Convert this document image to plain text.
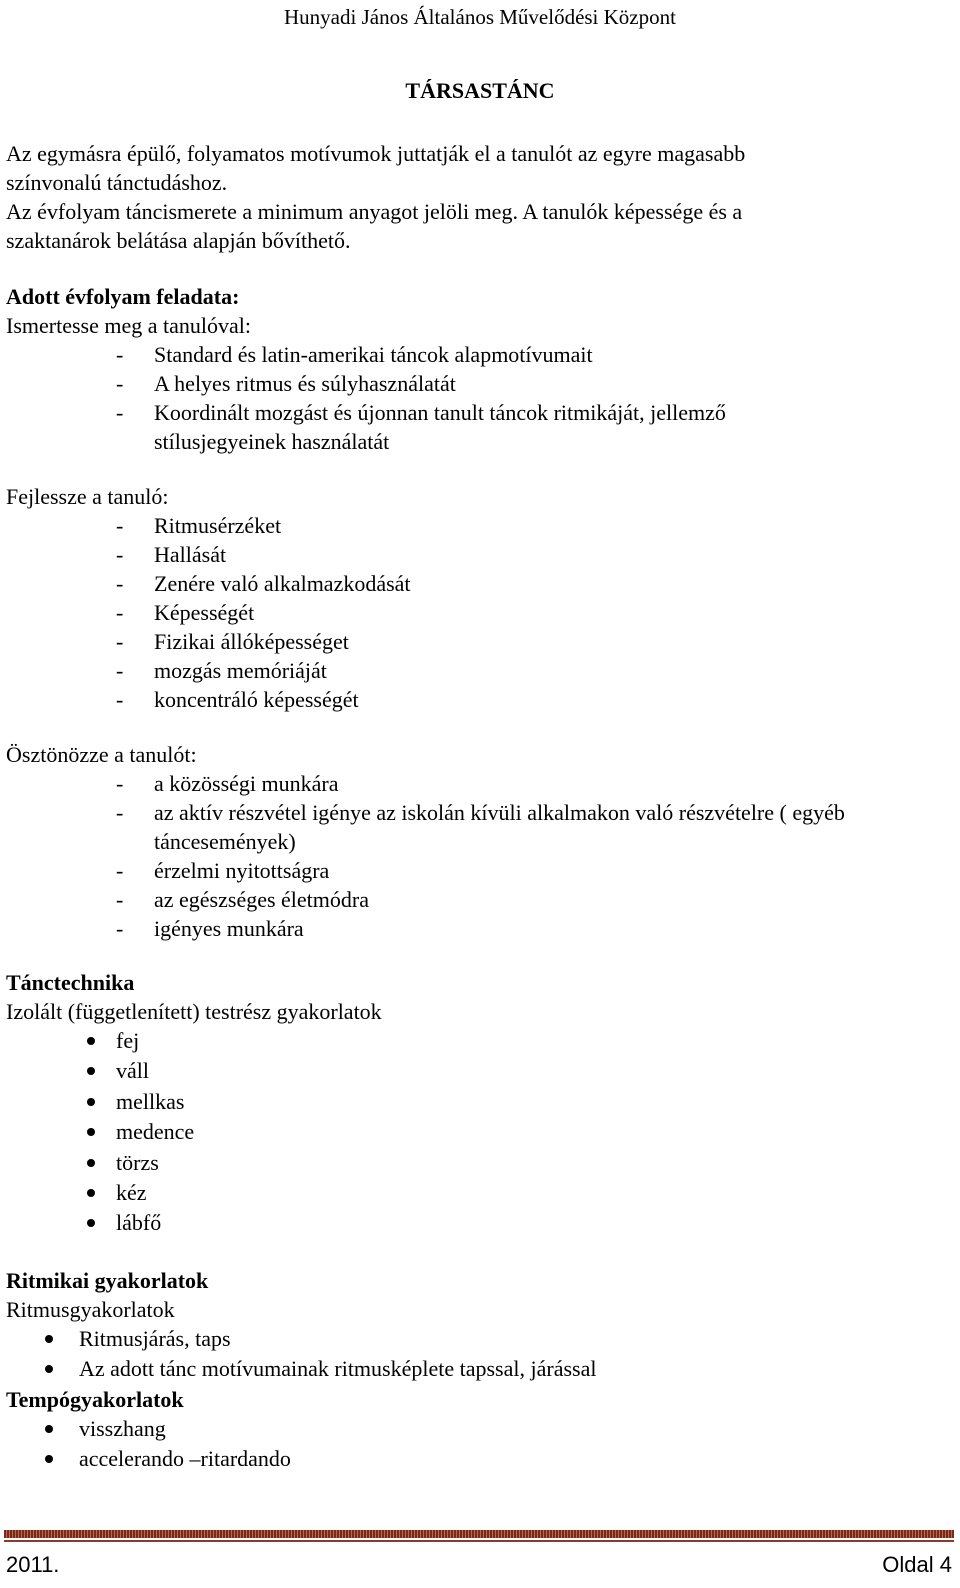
Hunyadi János Általános Művelődési Központ
TÁRSASTÁNC
Az egymásra épülő, folyamatos motívumok juttatják el a tanulót az egyre magasabb
színvonalú tánctudáshoz.
Az évfolyam táncismerete a minimum anyagot jelöli meg. A tanulók képessége és a
szaktanárok belátása alapján bővíthető.
Adott évfolyam feladata:
Ismertesse meg a tanulóval:
- Standard és latin-amerikai táncok alapmotívumait
- A helyes ritmus és súlyhasználatát
- Koordinált mozgást és újonnan tanult táncok ritmikáját, jellemző
stílusjegyeinek használatát
Fejlessze a tanuló:
- Ritmusérzéket
- Hallását
- Zenére való alkalmazkodását
- Képességét
- Fizikai állóképességet
- mozgás memóriáját
- koncentráló képességét
Ösztönözze a tanulót:
- a közösségi munkára
- az aktív részvétel igénye az iskolán kívüli alkalmakon való részvételre ( egyéb
táncesemények)
- érzelmi nyitottságra
- az egészséges életmódra
- igényes munkára
Tánctechnika
Izolált (függetlenített) testrész gyakorlatok
fej
váll
mellkas
medence
törzs
kéz
lábfő
Ritmikai gyakorlatok
Ritmusgyakorlatok
Ritmusjárás, taps
Az adott tánc motívumainak ritmusképlete tapssal, járással
Tempógyakorlatok
visszhang
accelerando –ritardando
2011.	Oldal 4
